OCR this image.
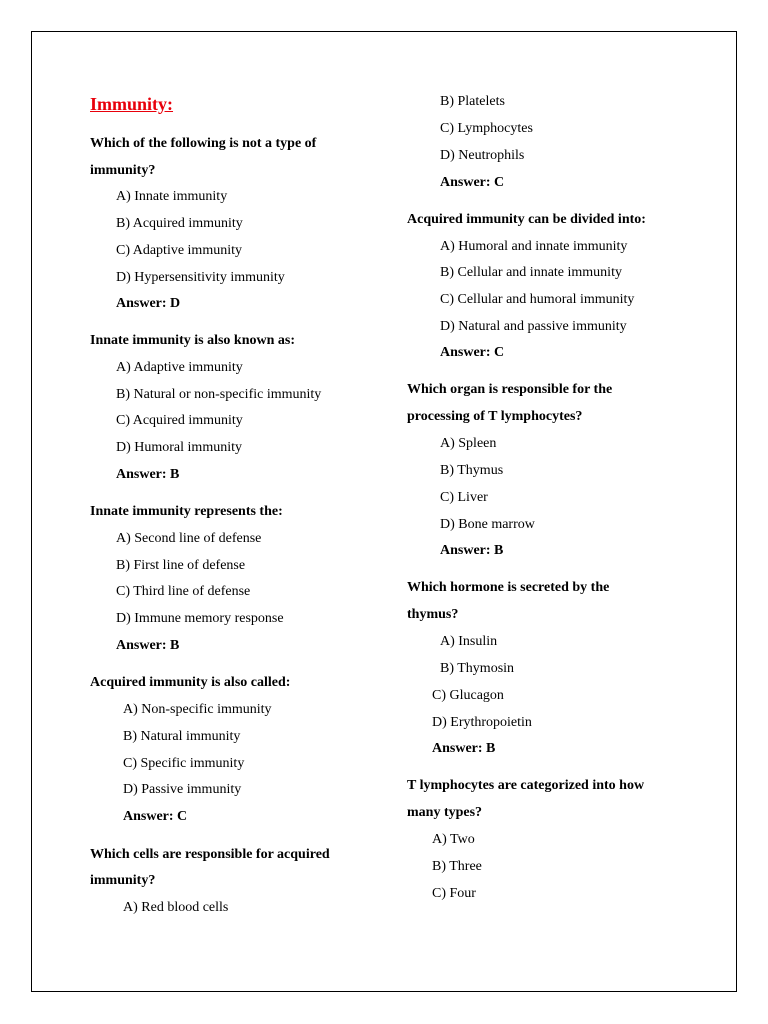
Immunity:
Which of the following is not a type of
immunity?
A) Innate immunity
B) Acquired immunity
C) Adaptive immunity
D) Hypersensitivity immunity
Answer: D
Innate immunity is also known as:
A) Adaptive immunity
B) Natural or non-specific immunity
C) Acquired immunity
D) Humoral immunity
Answer: B
Innate immunity represents the:
A) Second line of defense
B) First line of defense
C) Third line of defense
D) Immune memory response
Answer: B
Acquired immunity is also called:
A) Non-specific immunity
B) Natural immunity
C) Specific immunity
D) Passive immunity
Answer: C
Which cells are responsible for acquired
immunity?
A) Red blood cells
B) Platelets
C) Lymphocytes
D) Neutrophils
Answer: C
Acquired immunity can be divided into:
A) Humoral and innate immunity
B) Cellular and innate immunity
C) Cellular and humoral immunity
D) Natural and passive immunity
Answer: C
Which organ is responsible for the
processing of T lymphocytes?
A) Spleen
B) Thymus
C) Liver
D) Bone marrow
Answer: B
Which hormone is secreted by the
thymus?
A) Insulin
B) Thymosin
C) Glucagon
D) Erythropoietin
Answer: B
T lymphocytes are categorized into how
many types?
A) Two
B) Three
C) Four
